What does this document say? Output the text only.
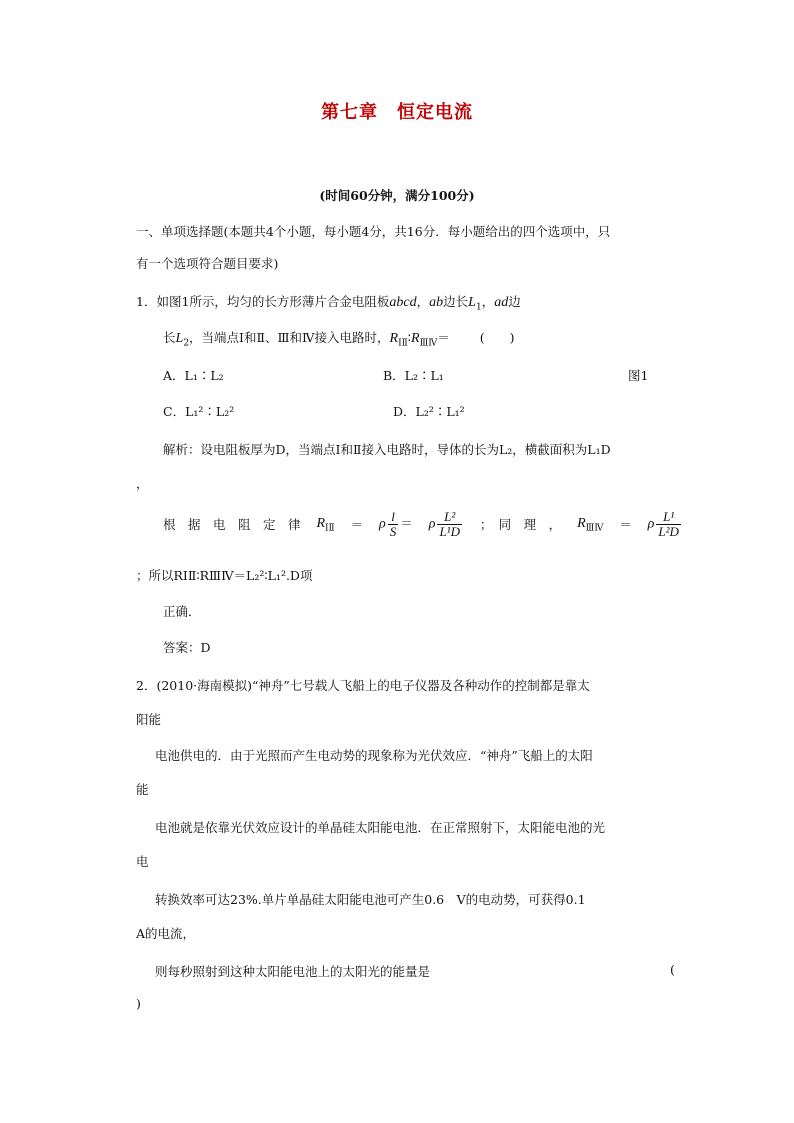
第七章　恒定电流
(时间60分钟，满分100分)
一、单项选择题(本题共4个小题，每小题4分，共16分．每小题给出的四个选项中，只
有一个选项符合题目要求)
1．如图1所示，均匀的长方形薄片合金电阻板abcd，ab边长$L_1$，ad边
长$L_2$，当端点Ⅰ和Ⅱ、Ⅲ和Ⅳ接入电路时，$R_{ⅠⅡ}∶R_{ⅢⅣ}=$ (　　)
A．L₁∶L₂	B．L₂∶L₁	图1
C．L₁²∶L₂²	D．L₂²∶L₁²
解析：设电阻板厚为D，当端点Ⅰ和Ⅱ接入电路时，导体的长为L₂，横截面积为L₁D
，
根　据　电　阻　定　律 $R_{ⅠⅡ} = \rho \frac{l}{S} = \rho \frac{\text{L²}}{\text{L¹D}}$ ；　同　理　， $R_{ⅢⅣ} = \rho \frac{\text{L¹}}{\text{L²D}}$
；所以RⅠⅡ∶RⅢⅣ＝L₂²∶L₁².D项
正确．
答案：D
2．(2010·海南模拟)“神舟”七号载人飞船上的电子仪器及各种动作的控制都是靠太
阳能
电池供电的．由于光照而产生电动势的现象称为光伏效应．“神舟”飞船上的太阳
能
电池就是依靠光伏效应设计的单晶硅太阳能电池．在正常照射下，太阳能电池的光
电
转换效率可达23%.单片单晶硅太阳能电池可产生0.6　V的电动势，可获得0.1
A的电流，
则每秒照射到这种太阳能电池上的太阳光的能量是	(
)
